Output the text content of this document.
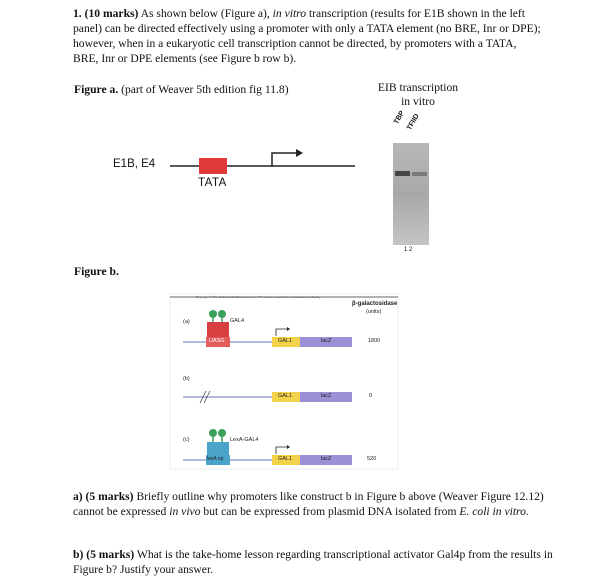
1. (10 marks) As shown below (Figure a), in vitro transcription (results for E1B shown in the left panel) can be directed effectively using a promoter with only a TATA element (no BRE, Inr or DPE); however, when in a eukaryotic cell transcription cannot be directed, by promoters with a TATA, BRE, Inr or DPE elements (see Figure b row b).
Figure a. (part of Weaver 5th edition fig 11.8)	EIB transcription
in vitro
E1B, E4
TATA
TBP TFIID
1 2
Figure b.
Copyright © The McGraw-Hill Companies, Inc. Permission required for reproduction or display.
β-galactosidase
(units)
(a)	GAL4
UASG	GAL1	lacZ	1800
(b)
GAL1	lacZ	0
(c)	LexA-GAL4
lexA op	GAL1	lacZ	520
a) (5 marks) Briefly outline why promoters like construct b in Figure b above (Weaver Figure 12.12) cannot be expressed in vivo but can be expressed from plasmid DNA isolated from E. coli in vitro.
b) (5 marks) What is the take-home lesson regarding transcriptional activator Gal4p from the results in Figure b? Justify your answer.
